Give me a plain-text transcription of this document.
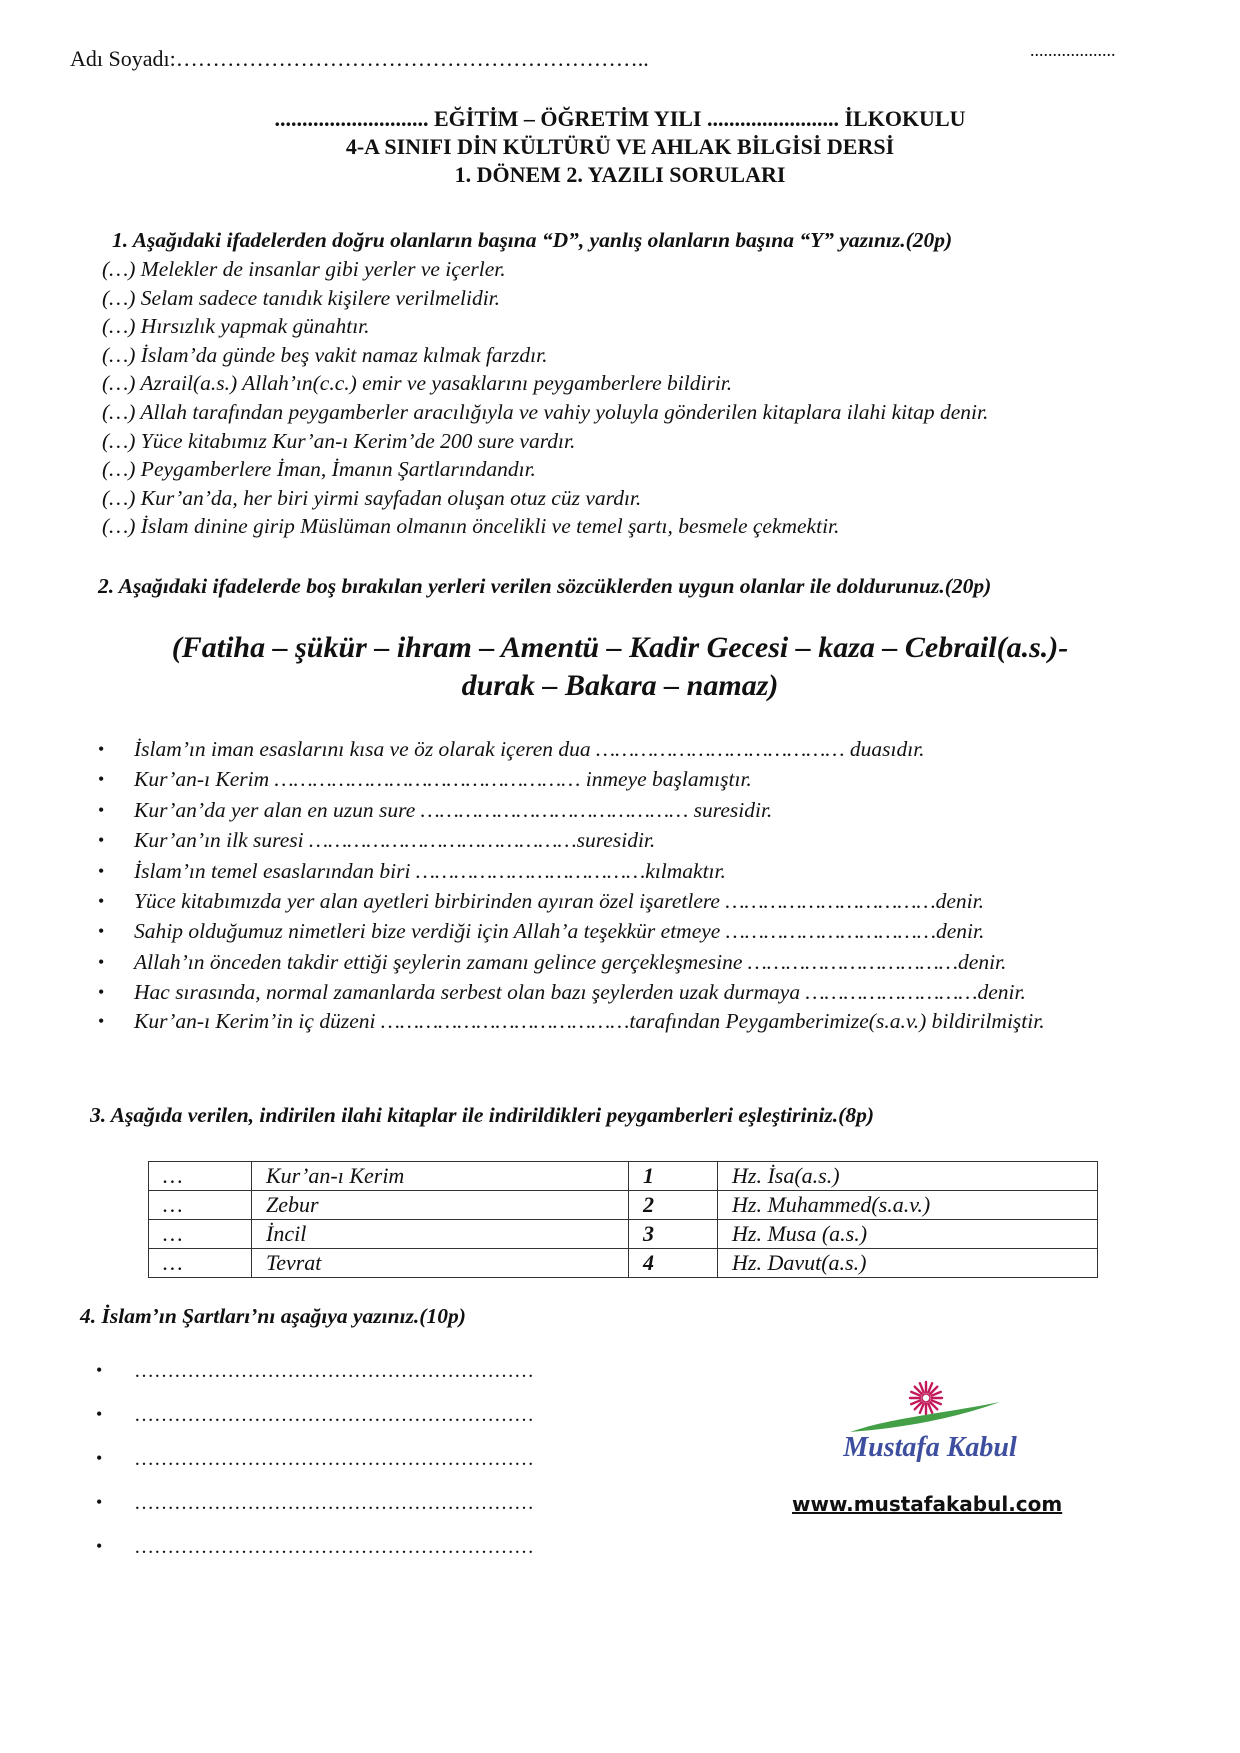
Adı Soyadı:………………………………………………………..	...................
............................ EĞİTİM – ÖĞRETİM YILI ........................ İLKOKULU
4-A SINIFI DİN KÜLTÜRÜ VE AHLAK BİLGİSİ DERSİ
1. DÖNEM 2. YAZILI SORULARI
1. Aşağıdaki ifadelerden doğru olanların başına “D”, yanlış olanların başına “Y” yazınız.(20p)
(…) Melekler de insanlar gibi yerler ve içerler.
(…) Selam sadece tanıdık kişilere verilmelidir.
(…) Hırsızlık yapmak günahtır.
(…) İslam’da günde beş vakit namaz kılmak farzdır.
(…) Azrail(a.s.) Allah’ın(c.c.) emir ve yasaklarını peygamberlere bildirir.
(…) Allah tarafından peygamberler aracılığıyla ve vahiy yoluyla gönderilen kitaplara ilahi kitap denir.
(…) Yüce kitabımız Kur’an-ı Kerim’de 200 sure vardır.
(…) Peygamberlere İman, İmanın Şartlarındandır.
(…) Kur’an’da, her biri yirmi sayfadan oluşan otuz cüz vardır.
(…) İslam dinine girip Müslüman olmanın öncelikli ve temel şartı, besmele çekmektir.
2. Aşağıdaki ifadelerde boş bırakılan yerleri verilen sözcüklerden uygun olanlar ile doldurunuz.(20p)
(Fatiha – şükür – ihram – Amentü – Kadir Gecesi – kaza – Cebrail(a.s.)-
durak – Bakara – namaz)
• İslam’ın iman esaslarını kısa ve öz olarak içeren dua ………………………………… duasıdır.
• Kur’an-ı Kerim ………………………………………… inmeye başlamıştır.
• Kur’an’da yer alan en uzun sure …………………………………… suresidir.
• Kur’an’ın ilk suresi ……………………………………suresidir.
• İslam’ın temel esaslarından biri ………………………………kılmaktır.
• Yüce kitabımızda yer alan ayetleri birbirinden ayıran özel işaretlere ……………………………denir.
• Sahip olduğumuz nimetleri bize verdiği için Allah’a teşekkür etmeye ……………………………denir.
• Allah’ın önceden takdir ettiği şeylerin zamanı gelince gerçekleşmesine ……………………………denir.
• Hac sırasında, normal zamanlarda serbest olan bazı şeylerden uzak durmaya ………………………denir.
• Kur’an-ı Kerim’in iç düzeni …………………………………tarafından Peygamberimize(s.a.v.) bildirilmiştir.
3. Aşağıda verilen, indirilen ilahi kitaplar ile indirildikleri peygamberleri eşleştiriniz.(8p)
…	Kur’an-ı Kerim	1	Hz. İsa(a.s.)
…	Zebur	2	Hz. Muhammed(s.a.v.)
…	İncil	3	Hz. Musa (a.s.)
…	Tevrat	4	Hz. Davut(a.s.)
4. İslam’ın Şartları’nı aşağıya yazınız.(10p)
• ……………………………………………………
• ……………………………………………………
• ……………………………………………………
• ……………………………………………………
• ……………………………………………………
Mustafa Kabul
www.mustafakabul.com
